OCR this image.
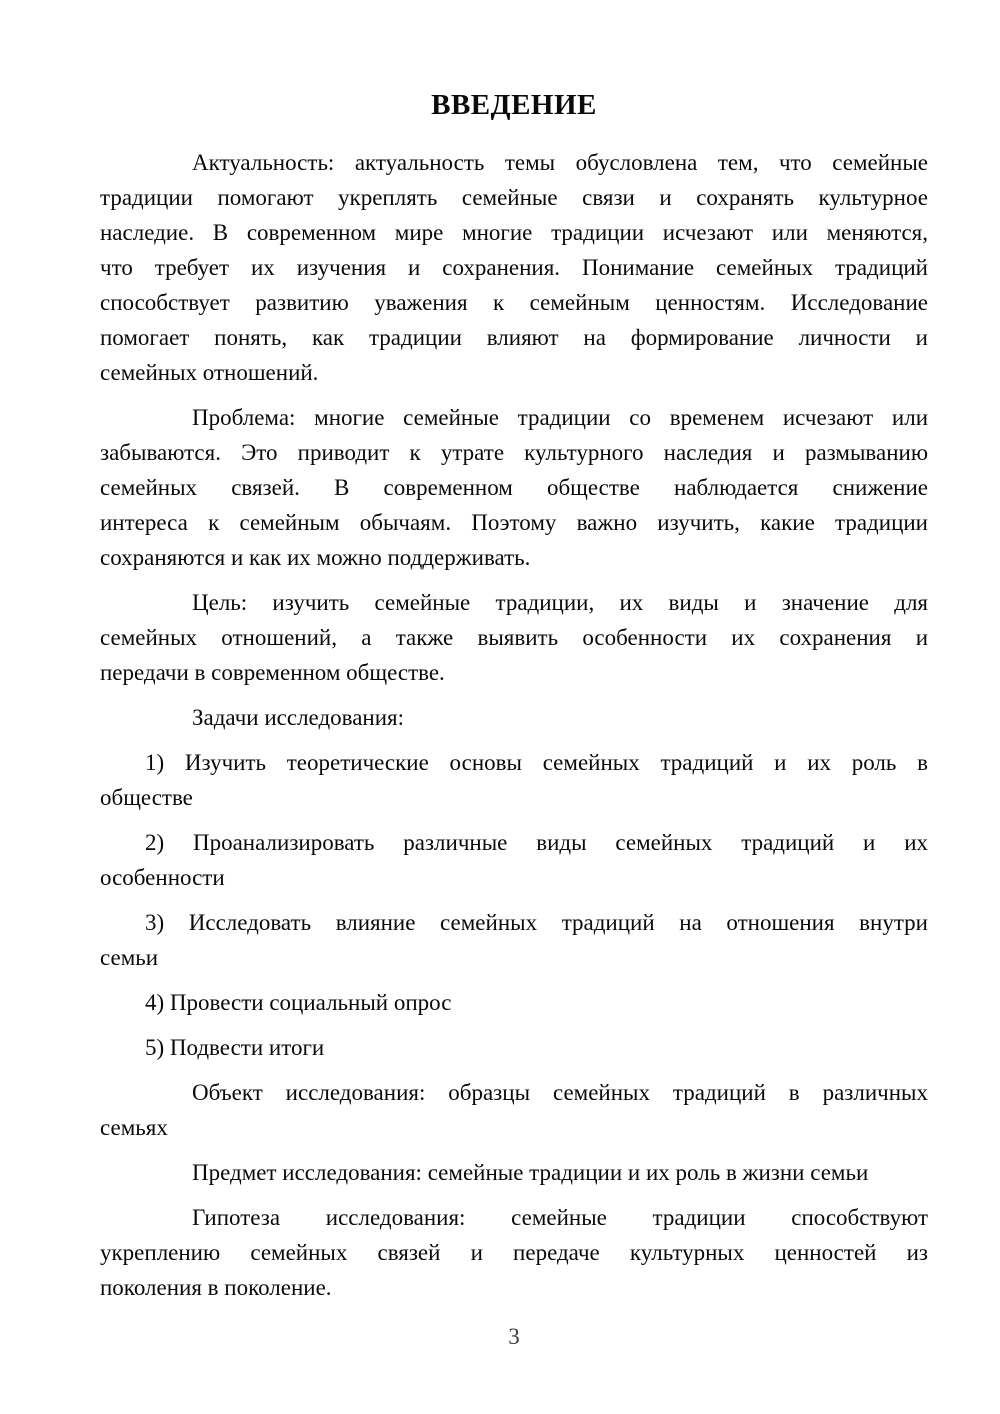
ВВЕДЕНИЕ
Актуальность: актуальность темы обусловлена тем, что семейные
традиции помогают укреплять семейные связи и сохранять культурное
наследие. В современном мире многие традиции исчезают или меняются,
что требует их изучения и сохранения. Понимание семейных традиций
способствует развитию уважения к семейным ценностям. Исследование
помогает понять, как традиции влияют на формирование личности и
семейных отношений.
Проблема: многие семейные традиции со временем исчезают или
забываются. Это приводит к утрате культурного наследия и размыванию
семейных связей. В современном обществе наблюдается снижение
интереса к семейным обычаям. Поэтому важно изучить, какие традиции
сохраняются и как их можно поддерживать.
Цель: изучить семейные традиции, их виды и значение для
семейных отношений, а также выявить особенности их сохранения и
передачи в современном обществе.
Задачи исследования:
1) Изучить теоретические основы семейных традиций и их роль в
обществе
2) Проанализировать различные виды семейных традиций и их
особенности
3) Исследовать влияние семейных традиций на отношения внутри
семьи
4) Провести социальный опрос
5) Подвести итоги
Объект исследования: образцы семейных традиций в различных
семьях
Предмет исследования: семейные традиции и их роль в жизни семьи
Гипотеза исследования: семейные традиции способствуют
укреплению семейных связей и передаче культурных ценностей из
поколения в поколение.
3
